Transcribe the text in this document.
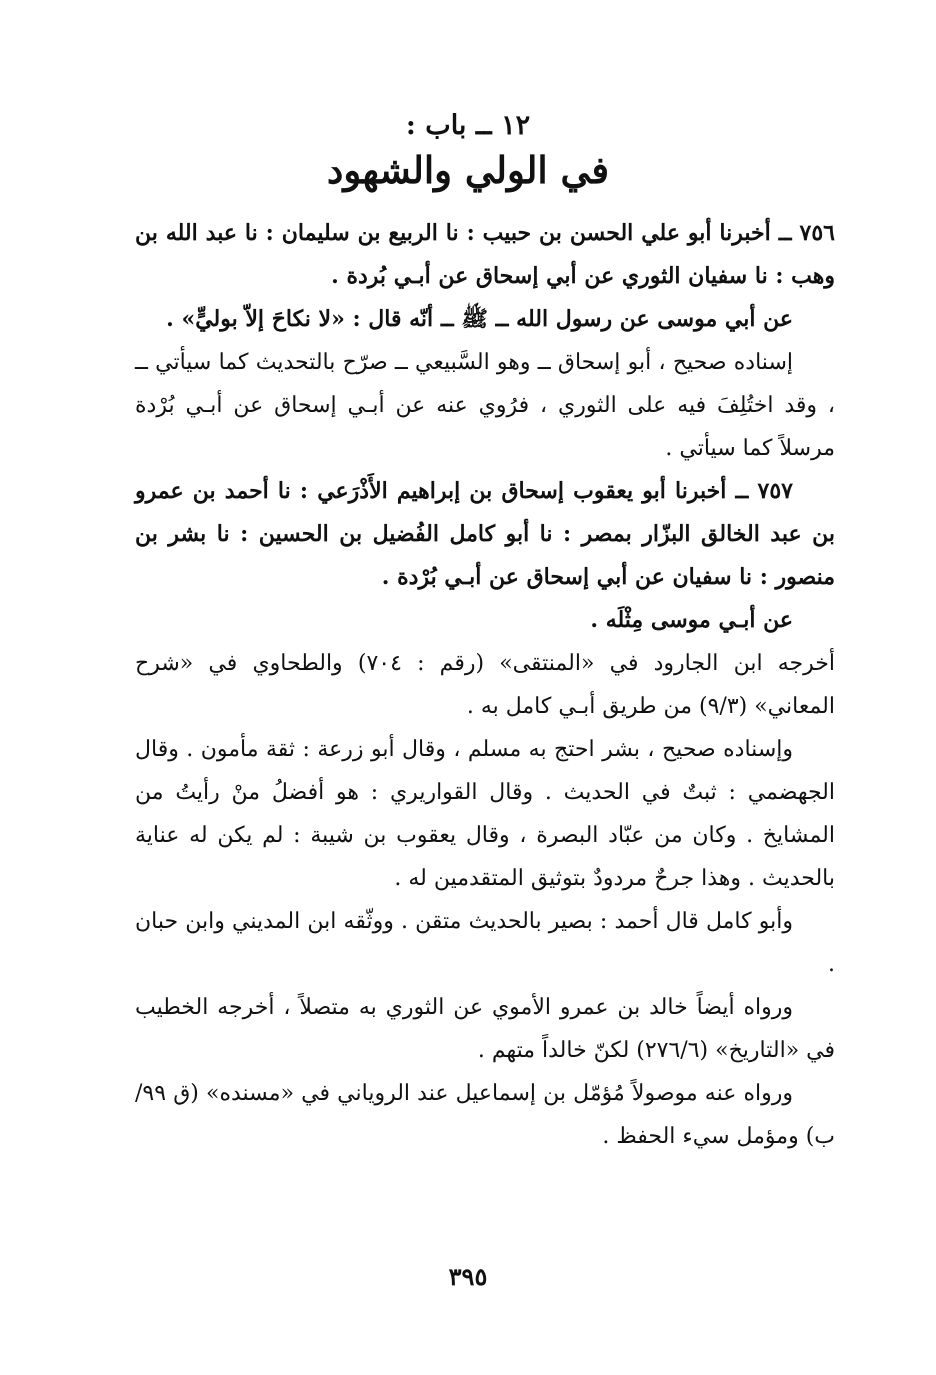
١٢ ــ باب :
في الولي والشهود

٧٥٦ ــ أخبرنا أبو علي الحسن بن حبيب : نا الربيع بن سليمان : نا عبد الله بن وهب : نا سفيان الثوري عن أبي إسحاق عن أبـي بُردة .

عن أبي موسى عن رسول الله ــ ﷺ ــ أنّه قال : «لا نكاحَ إلاّ بوليٍّ» .

إسناده صحيح ، أبو إسحاق ــ وهو السَّبيعي ــ صرّح بالتحديث كما سيأتي ــ ، وقد اختُلِفَ فيه على الثوري ، فرُوي عنه عن أبـي إسحاق عن أبـي بُرْدة مرسلاً كما سيأتي .

٧٥٧ ــ أخبرنا أبو يعقوب إسحاق بن إبراهيم الأَذْرَعي : نا أحمد بن عمرو بن عبد الخالق البزّار بمصر : نا أبو كامل الفُضيل بن الحسين : نا بشر بن منصور : نا سفيان عن أبي إسحاق عن أبـي بُرْدة .

عن أبـي موسى مِثْلَه .

أخرجه ابن الجارود في «المنتقى» (رقم : ٧٠٤) والطحاوي في «شرح المعاني» (٩/٣) من طريق أبـي كامل به .

وإسناده صحيح ، بشر احتج به مسلم ، وقال أبو زرعة : ثقة مأمون . وقال الجهضمي : ثبتٌ في الحديث . وقال القواريري : هو أفضلُ منْ رأيتُ من المشايخ . وكان من عبّاد البصرة ، وقال يعقوب بن شيبة : لم يكن له عناية بالحديث . وهذا جرحٌ مردودٌ بتوثيق المتقدمين له .

وأبو كامل قال أحمد : بصير بالحديث متقن . ووثّقه ابن المديني وابن حبان .

ورواه أيضاً خالد بن عمرو الأموي عن الثوري به متصلاً ، أخرجه الخطيب في «التاريخ» (٢٧٦/٦) لكنّ خالداً متهم .

ورواه عنه موصولاً مُؤمّل بن إسماعيل عند الروياني في «مسنده» (ق ٩٩/ب) ومؤمل سيء الحفظ .

٣٩٥
